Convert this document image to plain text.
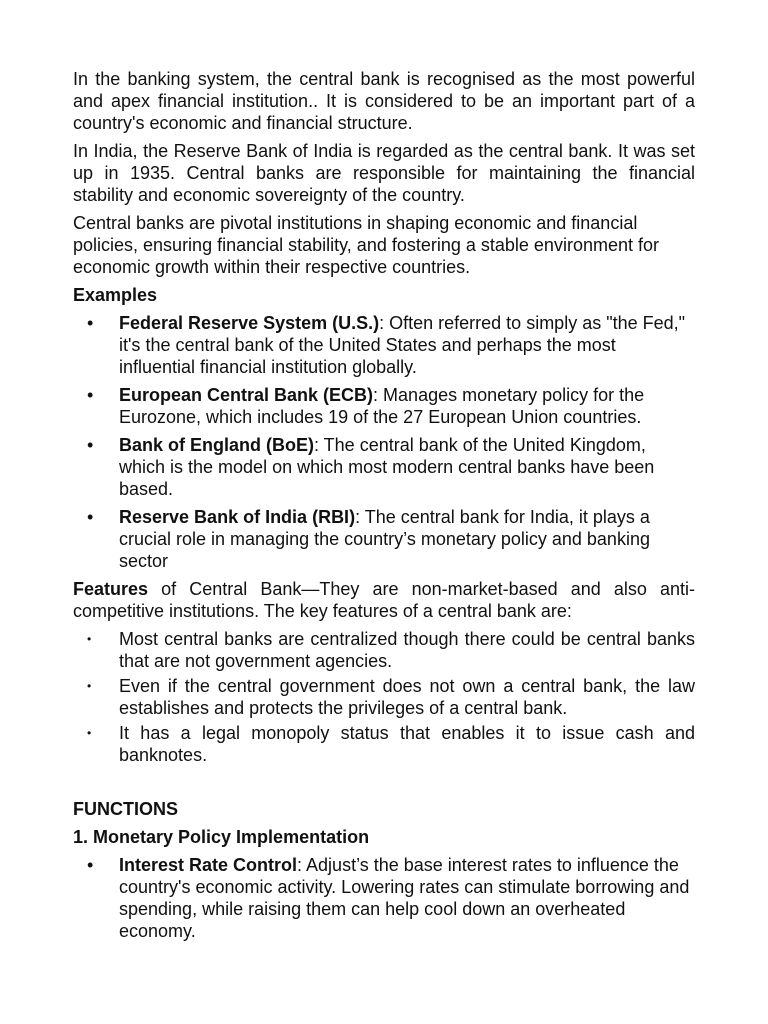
In the banking system, the central bank is recognised as the most powerful and apex financial institution.. It is considered to be an important part of a country's economic and financial structure.

In India, the Reserve Bank of India is regarded as the central bank. It was set up in 1935. Central banks are responsible for maintaining the financial stability and economic sovereignty of the country.

Central banks are pivotal institutions in shaping economic and financial policies, ensuring financial stability, and fostering a stable environment for economic growth within their respective countries.

Examples
• Federal Reserve System (U.S.): Often referred to simply as "the Fed," it's the central bank of the United States and perhaps the most influential financial institution globally.
• European Central Bank (ECB): Manages monetary policy for the Eurozone, which includes 19 of the 27 European Union countries.
• Bank of England (BoE): The central bank of the United Kingdom, which is the model on which most modern central banks have been based.
• Reserve Bank of India (RBI): The central bank for India, it plays a crucial role in managing the country’s monetary policy and banking sector

Features of Central Bank—They are non-market-based and also anti-competitive institutions. The key features of a central bank are:

• Most central banks are centralized though there could be central banks that are not government agencies.
• Even if the central government does not own a central bank, the law establishes and protects the privileges of a central bank.
• It has a legal monopoly status that enables it to issue cash and banknotes.
FUNCTIONS
1. Monetary Policy Implementation
• Interest Rate Control: Adjust’s the base interest rates to influence the country's economic activity. Lowering rates can stimulate borrowing and spending, while raising them can help cool down an overheated economy.
